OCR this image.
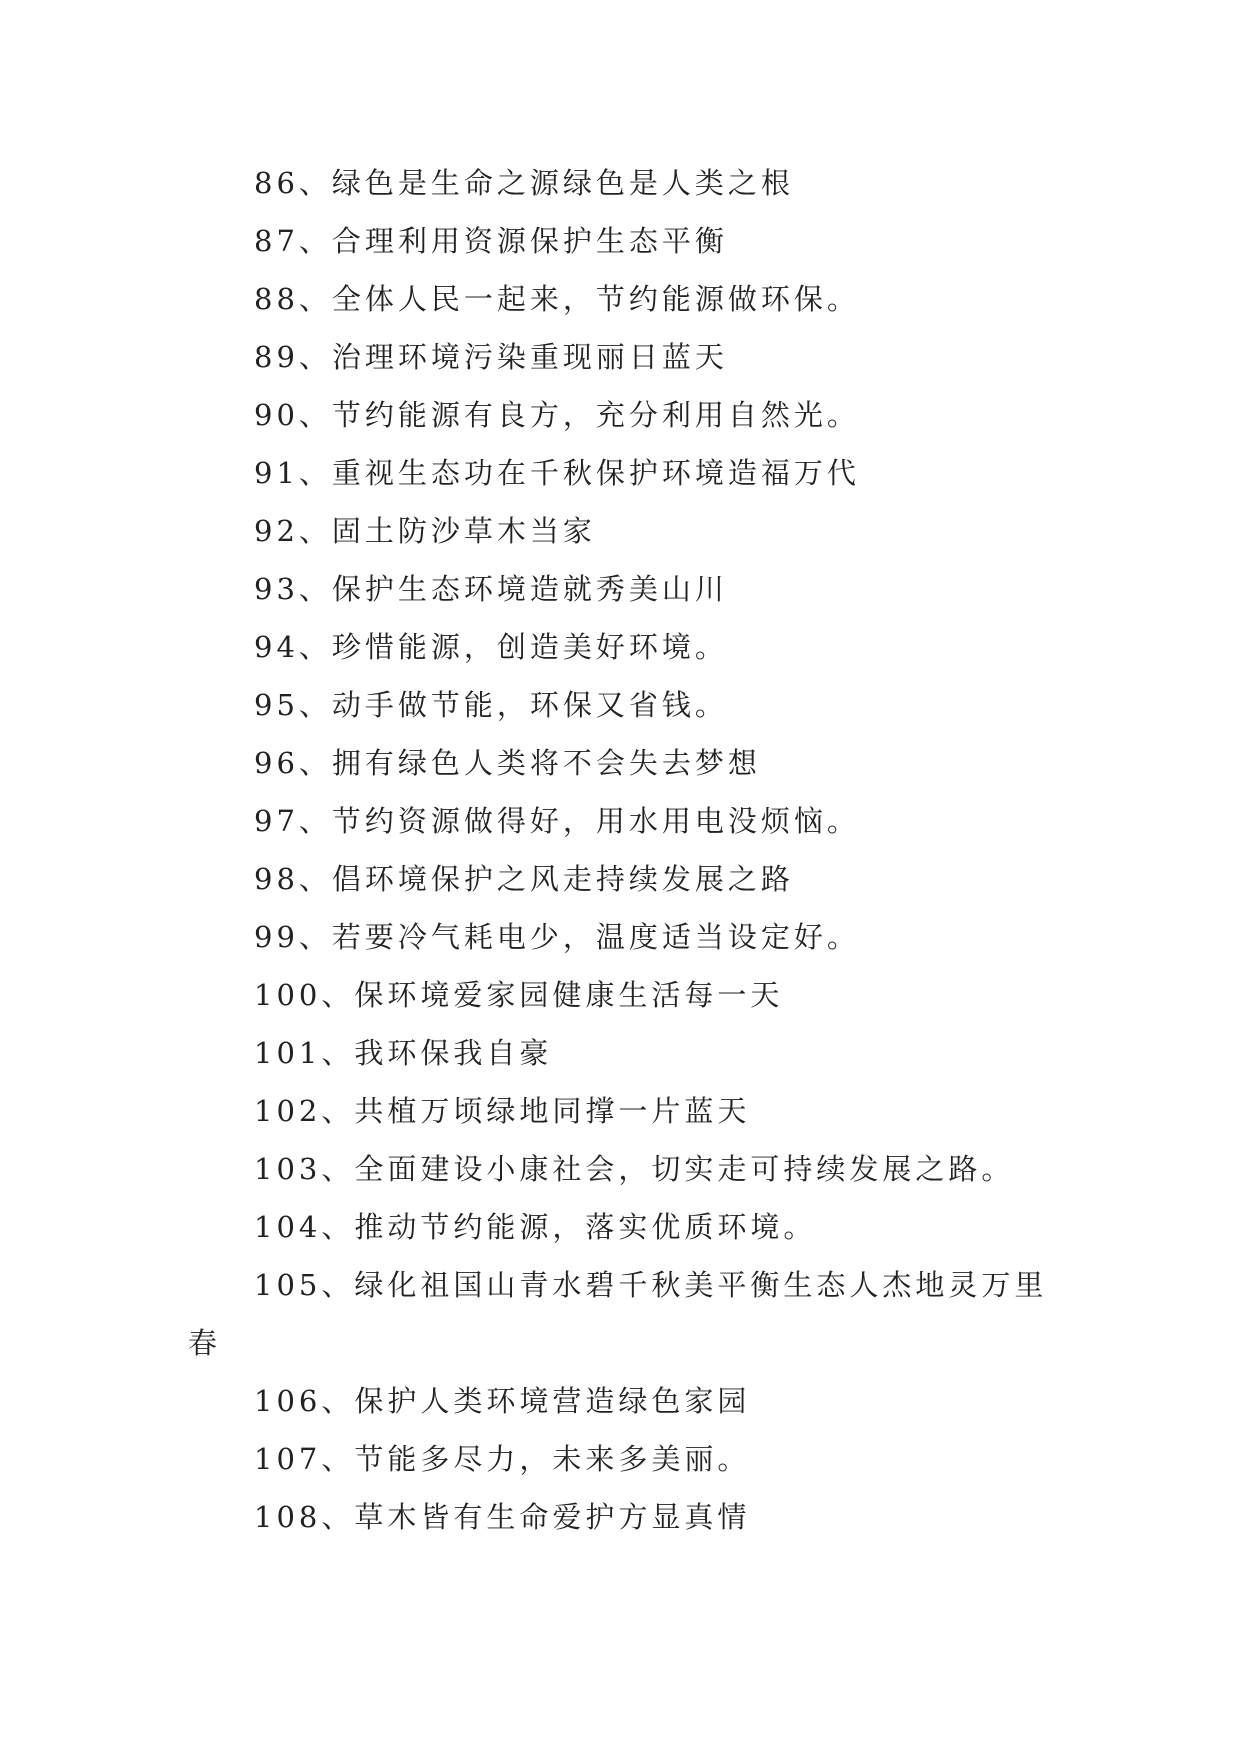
86、绿色是生命之源绿色是人类之根

87、合理利用资源保护生态平衡

88、全体人民一起来，节约能源做环保。

89、治理环境污染重现丽日蓝天

90、节约能源有良方，充分利用自然光。

91、重视生态功在千秋保护环境造福万代

92、固土防沙草木当家

93、保护生态环境造就秀美山川

94、珍惜能源，创造美好环境。

95、动手做节能，环保又省钱。

96、拥有绿色人类将不会失去梦想

97、节约资源做得好，用水用电没烦恼。

98、倡环境保护之风走持续发展之路

99、若要冷气耗电少，温度适当设定好。

100、保环境爱家园健康生活每一天

101、我环保我自豪

102、共植万顷绿地同撑一片蓝天

103、全面建设小康社会，切实走可持续发展之路。

104、推动节约能源，落实优质环境。

105、绿化祖国山青水碧千秋美平衡生态人杰地灵万里春

106、保护人类环境营造绿色家园

107、节能多尽力，未来多美丽。

108、草木皆有生命爱护方显真情
